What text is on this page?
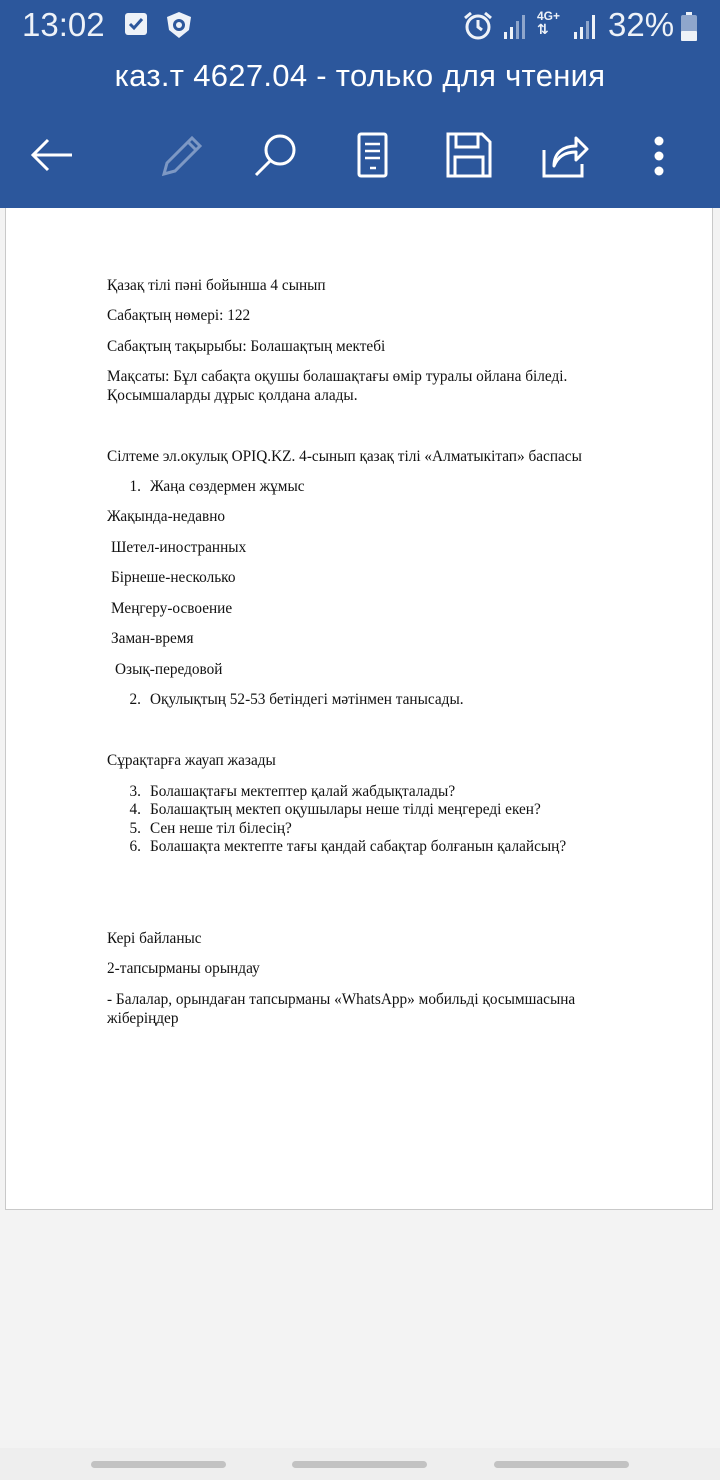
13:02	4G+
⇅	32%
каз.т 4627.04 - только для чтения
Қазақ тілі пәні бойынша 4 сынып
Сабақтың нөмері: 122
Сабақтың тақырыбы: Болашақтың мектебі
Мақсаты: Бұл сабақта оқушы болашақтағы өмір туралы ойлана біледі.
Қосымшаларды дұрыс қолдана алады.
Сілтеме эл.окулық OPIQ.KZ. 4-сынып қазақ тілі «Алматыкітап» баспасы
1. Жаңа сөздермен жұмыс
Жақында-недавно
Шетел-иностранных
Бірнеше-несколько
Меңгеру-освоение
Заман-время
Озық-передовой
2. Оқулықтың 52-53 бетіндегі мәтінмен танысады.
Сұрақтарға жауап жазады
3. Болашақтағы мектептер қалай жабдықталады?
4. Болашақтың мектеп оқушылары неше тілді меңгереді екен?
5. Сен неше тіл білесің?
6. Болашақта мектепте тағы қандай сабақтар болғанын қалайсың?
Кері байланыс
2-тапсырманы орындау
- Балалар, орындаған тапсырманы «WhatsApp» мобильді қосымшасына
жіберіңдер
